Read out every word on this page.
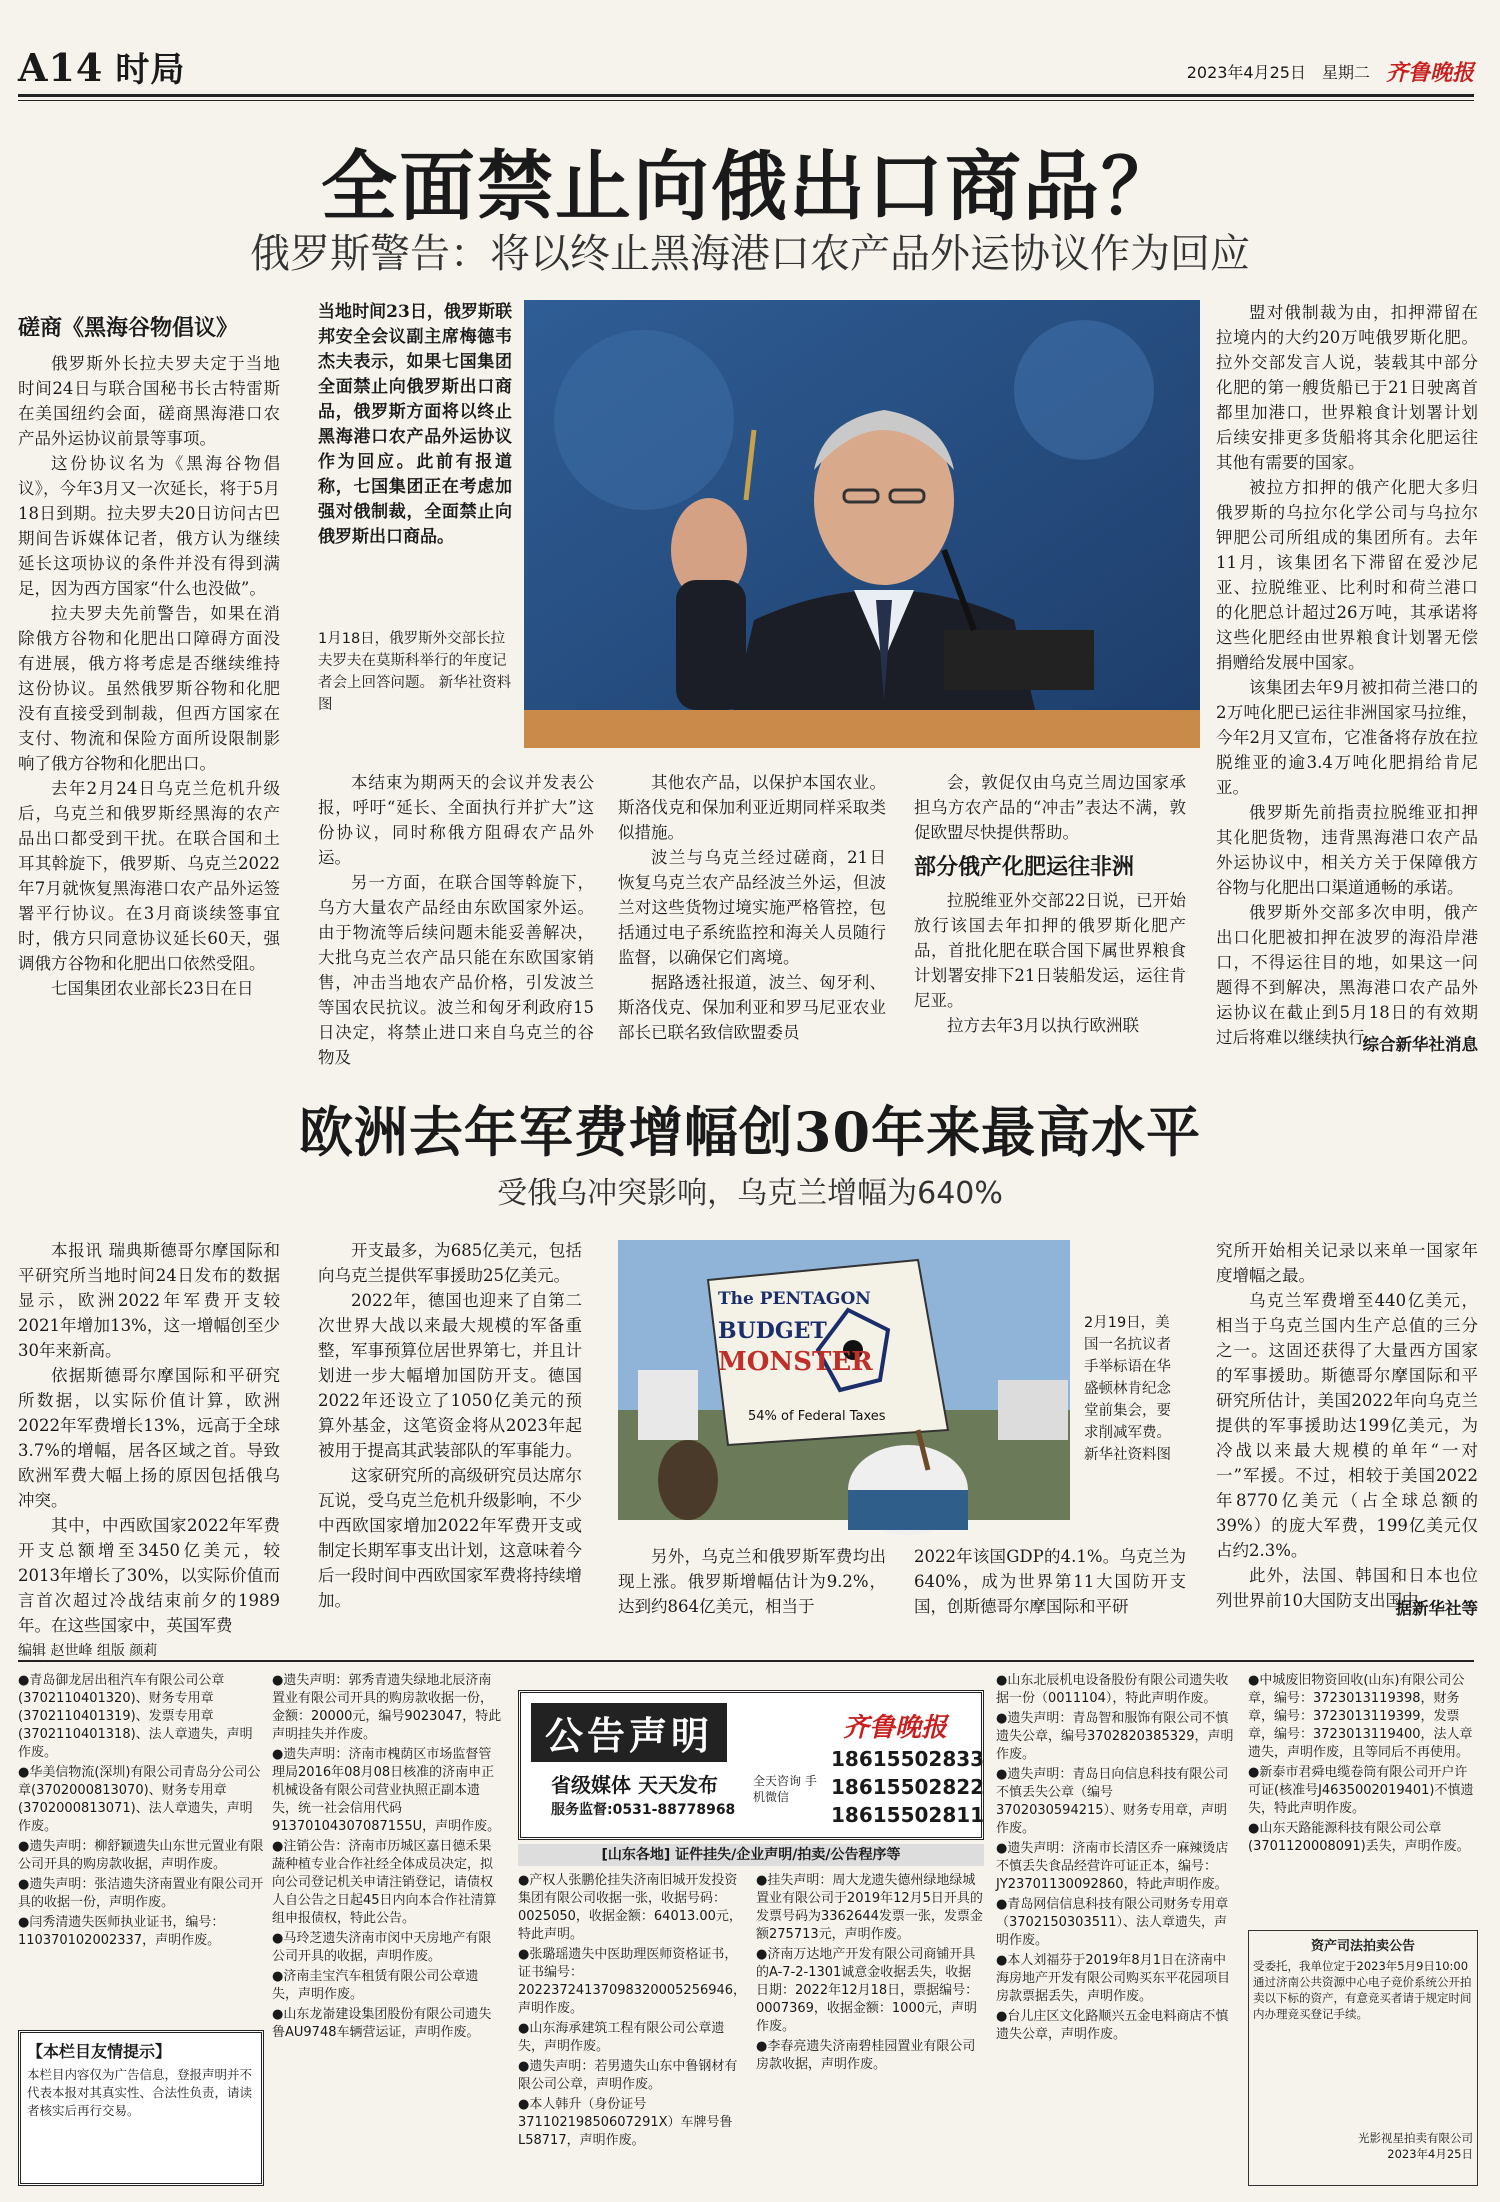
A14 时局	2023年4月25日 星期二 齐鲁晚报
全面禁止向俄出口商品？
俄罗斯警告：将以终止黑海港口农产品外运协议作为回应
磋商《黑海谷物倡议》

俄罗斯外长拉夫罗夫定于当地时间24日与联合国秘书长古特雷斯在美国纽约会面，磋商黑海港口农产品外运协议前景等事项。

这份协议名为《黑海谷物倡议》，今年3月又一次延长，将于5月18日到期。拉夫罗夫20日访问古巴期间告诉媒体记者，俄方认为继续延长这项协议的条件并没有得到满足，因为西方国家“什么也没做”。

拉夫罗夫先前警告，如果在消除俄方谷物和化肥出口障碍方面没有进展，俄方将考虑是否继续维持这份协议。虽然俄罗斯谷物和化肥没有直接受到制裁，但西方国家在支付、物流和保险方面所设限制影响了俄方谷物和化肥出口。

去年2月24日乌克兰危机升级后，乌克兰和俄罗斯经黑海的农产品出口都受到干扰。在联合国和土耳其斡旋下，俄罗斯、乌克兰2022年7月就恢复黑海港口农产品外运签署平行协议。在3月商谈续签事宜时，俄方只同意协议延长60天，强调俄方谷物和化肥出口依然受阻。

七国集团农业部长23日在日

当地时间23日，俄罗斯联邦安全会议副主席梅德韦杰夫表示，如果七国集团全面禁止向俄罗斯出口商品，俄罗斯方面将以终止黑海港口农产品外运协议作为回应。此前有报道称，七国集团正在考虑加强对俄制裁，全面禁止向俄罗斯出口商品。
1月18日，俄罗斯外交部长拉夫罗夫在莫斯科举行的年度记者会上回答问题。 新华社资料图

本结束为期两天的会议并发表公报，呼吁“延长、全面执行并扩大”这份协议，同时称俄方阻碍农产品外运。

另一方面，在联合国等斡旋下，乌方大量农产品经由东欧国家外运。由于物流等后续问题未能妥善解决，大批乌克兰农产品只能在东欧国家销售，冲击当地农产品价格，引发波兰等国农民抗议。波兰和匈牙利政府15日决定，将禁止进口来自乌克兰的谷物及

其他农产品，以保护本国农业。斯洛伐克和保加利亚近期同样采取类似措施。

波兰与乌克兰经过磋商，21日恢复乌克兰农产品经波兰外运，但波兰对这些货物过境实施严格管控，包括通过电子系统监控和海关人员随行监督，以确保它们离境。

据路透社报道，波兰、匈牙利、斯洛伐克、保加利亚和罗马尼亚农业部长已联名致信欧盟委员

会，敦促仅由乌克兰周边国家承担乌方农产品的“冲击”表达不满，敦促欧盟尽快提供帮助。

部分俄产化肥运往非洲

拉脱维亚外交部22日说，已开始放行该国去年扣押的俄罗斯化肥产品，首批化肥在联合国下属世界粮食计划署安排下21日装船发运，运往肯尼亚。

拉方去年3月以执行欧洲联

盟对俄制裁为由，扣押滞留在拉境内的大约20万吨俄罗斯化肥。拉外交部发言人说，装载其中部分化肥的第一艘货船已于21日驶离首都里加港口，世界粮食计划署计划后续安排更多货船将其余化肥运往其他有需要的国家。

被拉方扣押的俄产化肥大多归俄罗斯的乌拉尔化学公司与乌拉尔钾肥公司所组成的集团所有。去年11月，该集团名下滞留在爱沙尼亚、拉脱维亚、比利时和荷兰港口的化肥总计超过26万吨，其承诺将这些化肥经由世界粮食计划署无偿捐赠给发展中国家。

该集团去年9月被扣荷兰港口的2万吨化肥已运往非洲国家马拉维，今年2月又宣布，它准备将存放在拉脱维亚的逾3.4万吨化肥捐给肯尼亚。

俄罗斯先前指责拉脱维亚扣押其化肥货物，违背黑海港口农产品外运协议中，相关方关于保障俄方谷物与化肥出口渠道通畅的承诺。

俄罗斯外交部多次申明，俄产出口化肥被扣押在波罗的海沿岸港口，不得运往目的地，如果这一问题得不到解决，黑海港口农产品外运协议在截止到5月18日的有效期过后将难以继续执行。

综合新华社消息
欧洲去年军费增幅创30年来最高水平
受俄乌冲突影响，乌克兰增幅为640%

本报讯 瑞典斯德哥尔摩国际和平研究所当地时间24日发布的数据显示，欧洲2022年军费开支较2021年增加13%，这一增幅创至少30年来新高。

依据斯德哥尔摩国际和平研究所数据，以实际价值计算，欧洲2022年军费增长13%，远高于全球3.7%的增幅，居各区域之首。导致欧洲军费大幅上扬的原因包括俄乌冲突。

其中，中西欧国家2022年军费开支总额增至3450亿美元，较2013年增长了30%，以实际价值而言首次超过冷战结束前夕的1989年。在这些国家中，英国军费

开支最多，为685亿美元，包括向乌克兰提供军事援助25亿美元。

2022年，德国也迎来了自第二次世界大战以来最大规模的军备重整，军事预算位居世界第七，并且计划进一步大幅增加国防开支。德国2022年还设立了1050亿美元的预算外基金，这笔资金将从2023年起被用于提高其武装部队的军事能力。

这家研究所的高级研究员达席尔瓦说，受乌克兰危机升级影响，不少中西欧国家增加2022年军费开支或制定长期军事支出计划，这意味着今后一段时间中西欧国家军费将持续增加。

The PENTAGON
BUDGET
MONSTER
54% of Federal Taxes
2月19日，美国一名抗议者手举标语在华盛顿林肯纪念堂前集会，要求削减军费。 新华社资料图

另外，乌克兰和俄罗斯军费均出现上涨。俄罗斯增幅估计为9.2%，达到约864亿美元，相当于

2022年该国GDP的4.1%。乌克兰为640%，成为世界第11大国防开支国，创斯德哥尔摩国际和平研

究所开始相关记录以来单一国家年度增幅之最。

乌克兰军费增至440亿美元，相当于乌克兰国内生产总值的三分之一。这固还获得了大量西方国家的军事援助。斯德哥尔摩国际和平研究所估计，美国2022年向乌克兰提供的军事援助达199亿美元，为冷战以来最大规模的单年“一对一”军援。不过，相较于美国2022年8770亿美元（占全球总额的39%）的庞大军费，199亿美元仅占约2.3%。

此外，法国、韩国和日本也位列世界前10大国防支出国中。

据新华社等
编辑 赵世峰 组版 颜莉

●青岛御龙居出租汽车有限公司公章(3702110401320)、财务专用章(3702110401319)、发票专用章(3702110401318)、法人章遗失，声明作废。

●华美信物流(深圳)有限公司青岛分公司公章(3702000813070)、财务专用章(3702000813071)、法人章遗失，声明作废。

●遗失声明：柳舒颖遗失山东世元置业有限公司开具的购房款收据，声明作废。

●遗失声明：张洁遗失济南置业有限公司开具的收据一份，声明作废。

●闫秀清遗失医师执业证书，编号：110370102002337，声明作废。

【本栏目友情提示】
本栏目内容仅为广告信息，登报声明并不代表本报对其真实性、合法性负责，请读者核实后再行交易。

●遗失声明：郭秀青遗失绿地北辰济南置业有限公司开具的购房款收据一份，金额：20000元，编号9023047，特此声明挂失并作废。

●遗失声明：济南市槐荫区市场监督管理局2016年08月08日核准的济南申正机械设备有限公司营业执照正副本遗失，统一社会信用代码91370104307087155U，声明作废。

●注销公告：济南市历城区嘉日德禾果蔬种植专业合作社经全体成员决定，拟向公司登记机关申请注销登记，请债权人自公告之日起45日内向本合作社清算组申报债权，特此公告。

●马玲芝遗失济南市闵中天房地产有限公司开具的收据，声明作废。

●济南圭宝汽车租赁有限公司公章遗失，声明作废。

●山东龙嵛建设集团股份有限公司遗失鲁AU9748车辆营运证，声明作废。

公告声明	齐鲁晚报
省级媒体 天天发布
服务监督:0531-88778968
全天咨询 手机微信
18615502833
18615502822
18615502811
[山东各地] 证件挂失/企业声明/拍卖/公告程序等

●产权人张鹏伦挂失济南旧城开发投资集团有限公司收据一张，收据号码：0025050，收据金额：64013.00元，特此声明。

●张璐瑶遗失中医助理医师资格证书，证书编号：20223724137098320005256946，声明作废。

●山东海承建筑工程有限公司公章遗失，声明作废。

●遗失声明：若男遗失山东中鲁钢材有限公司公章，声明作废。

●本人韩升（身份证号37110219850607291X）车牌号鲁L58717，声明作废。

●挂失声明：周大龙遗失德州绿地绿城置业有限公司于2019年12月5日开具的发票号码为3362644发票一张，发票金额275713元，声明作废。

●济南万达地产开发有限公司商铺开具的A-7-2-1301诚意金收据丢失，收据日期：2022年12月18日，票据编号：0007369，收据金额：1000元，声明作废。

●李春亮遗失济南碧桂园置业有限公司房款收据，声明作废。

●山东北辰机电设备股份有限公司遗失收据一份（0011104），特此声明作废。

●遗失声明：青岛智和服饰有限公司不慎遗失公章，编号3702820385329，声明作废。

●遗失声明：青岛日向信息科技有限公司不慎丢失公章（编号3702030594215）、财务专用章，声明作废。

●遗失声明：济南市长清区乔一麻辣烫店不慎丢失食品经营许可证正本，编号：JY23701130092860，特此声明作废。

●青岛网信信息科技有限公司财务专用章（3702150303511）、法人章遗失，声明作废。

●本人刘福芬于2019年8月1日在济南中海房地产开发有限公司购买东平花园项目房款票据丢失，声明作废。

●台儿庄区文化路顺兴五金电料商店不慎遗失公章，声明作废。

●中城废旧物资回收(山东)有限公司公章，编号：3723013119398，财务章，编号：3723013119399，发票章，编号：3723013119400，法人章遗失，声明作废，且等同后不再使用。

●新泰市君舜电缆卷筒有限公司开户许可证(核准号J4635002019401)不慎遗失，特此声明作废。

●山东天路能源科技有限公司公章(3701120008091)丢失，声明作废。

资产司法拍卖公告
受委托，我单位定于2023年5月9日10:00通过济南公共资源中心电子竞价系统公开拍卖以下标的资产，有意竞买者请于规定时间内办理竞买登记手续。
光影视星拍卖有限公司
2023年4月25日
